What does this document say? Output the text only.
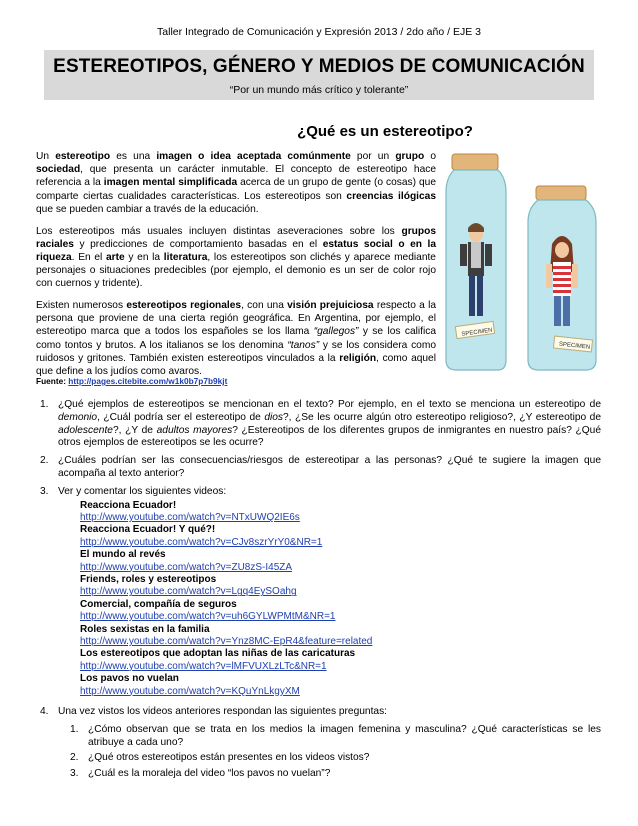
Taller Integrado de Comunicación y Expresión 2013 / 2do año / EJE 3
ESTEREOTIPOS, GÉNERO Y MEDIOS DE COMUNICACIÓN
“Por un mundo más crítico y tolerante”
¿Qué es un estereotipo?

Un estereotipo es una imagen o idea aceptada comúnmente por un grupo o sociedad, que presenta un carácter inmutable. El concepto de estereotipo hace referencia a la imagen mental simplificada acerca de un grupo de gente (o cosas) que comparte ciertas cualidades características. Los estereotipos son creencias ilógicas que se pueden cambiar a través de la educación.

Los estereotipos más usuales incluyen distintas aseveraciones sobre los grupos raciales y predicciones de comportamiento basadas en el estatus social o en la riqueza. En el arte y en la literatura, los estereotipos son clichés y aparece mediante personajes o situaciones predecibles (por ejemplo, el demonio es un ser de color rojo con cuernos y tridente).

Existen numerosos estereotipos regionales, con una visión prejuiciosa respecto a la persona que proviene de una cierta región geográfica. En Argentina, por ejemplo, el estereotipo marca que a todos los españoles se los llama “gallegos” y se los califica como tontos y brutos. A los italianos se los denomina “tanos” y se los considera como ruidosos y gritones. También existen estereotipos vinculados a la religión, como aquel que define a los judíos como avaros.

Fuente: http://pages.citebite.com/w1k0b7p7b9kjt
SPECIMEN
SPECIMEN
1. ¿Qué ejemplos de estereotipos se mencionan en el texto? Por ejemplo, en el texto se menciona un estereotipo de demonio, ¿Cuál podría ser el estereotipo de dios?, ¿Se les ocurre algún otro estereotipo religioso?, ¿Y estereotipo de adolescente?, ¿Y de adultos mayores? ¿Estereotipos de los diferentes grupos de inmigrantes en nuestro país? ¿Qué otros ejemplos de estereotipos se les ocurre?
2. ¿Cuáles podrían ser las consecuencias/riesgos de estereotipar a las personas? ¿Qué te sugiere la imagen que acompaña al texto anterior?
3. Ver y comentar los siguientes videos:
Reacciona Ecuador!
http://www.youtube.com/watch?v=NTxUWQ2IE6s
Reacciona Ecuador! Y qué?!
http://www.youtube.com/watch?v=CJv8szrYrY0&NR=1
El mundo al revés
http://www.youtube.com/watch?v=ZU8zS-I45ZA
Friends, roles y estereotipos
http://www.youtube.com/watch?v=Lgq4EySOahg
Comercial, compañía de seguros
http://www.youtube.com/watch?v=uh6GYLWPMtM&NR=1
Roles sexistas en la familia
http://www.youtube.com/watch?v=Ynz8MC-EpR4&feature=related
Los estereotipos que adoptan las niñas de las caricaturas
http://www.youtube.com/watch?v=lMFVUXLzLTc&NR=1
Los pavos no vuelan
http://www.youtube.com/watch?v=KQuYnLkgyXM
4. Una vez vistos los videos anteriores respondan las siguientes preguntas:
1. ¿Cómo observan que se trata en los medios la imagen femenina y masculina? ¿Qué características se les atribuye a cada uno?
2. ¿Qué otros estereotipos están presentes en los videos vistos?
3. ¿Cuál es la moraleja del video “los pavos no vuelan”?
